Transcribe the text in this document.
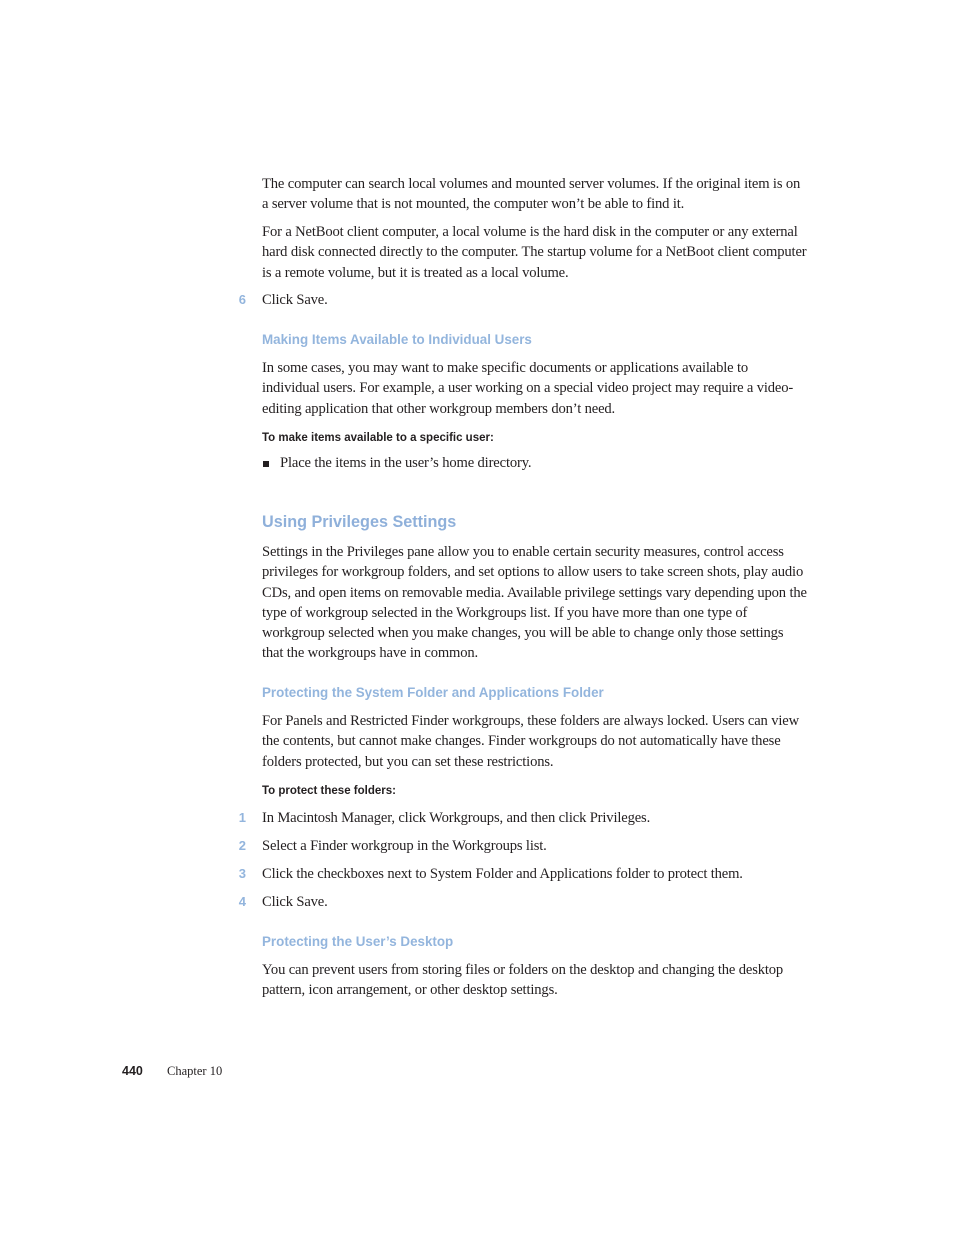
The computer can search local volumes and mounted server volumes. If the original item is on a server volume that is not mounted, the computer won’t be able to find it.

For a NetBoot client computer, a local volume is the hard disk in the computer or any external hard disk connected directly to the computer. The startup volume for a NetBoot client computer is a remote volume, but it is treated as a local volume.

6 Click Save.
Making Items Available to Individual Users

In some cases, you may want to make specific documents or applications available to individual users. For example, a user working on a special video project may require a video-editing application that other workgroup members don’t need.

To make items available to a specific user:

Place the items in the user’s home directory.
Using Privileges Settings

Settings in the Privileges pane allow you to enable certain security measures, control access privileges for workgroup folders, and set options to allow users to take screen shots, play audio CDs, and open items on removable media. Available privilege settings vary depending upon the type of workgroup selected in the Workgroups list. If you have more than one type of workgroup selected when you make changes, you will be able to change only those settings that the workgroups have in common.

Protecting the System Folder and Applications Folder

For Panels and Restricted Finder workgroups, these folders are always locked. Users can view the contents, but cannot make changes. Finder workgroups do not automatically have these folders protected, but you can set these restrictions.

To protect these folders:

1 In Macintosh Manager, click Workgroups, and then click Privileges.
2 Select a Finder workgroup in the Workgroups list.
3 Click the checkboxes next to System Folder and Applications folder to protect them.
4 Click Save.
Protecting the User’s Desktop

You can prevent users from storing files or folders on the desktop and changing the desktop pattern, icon arrangement, or other desktop settings.

440 Chapter 10
